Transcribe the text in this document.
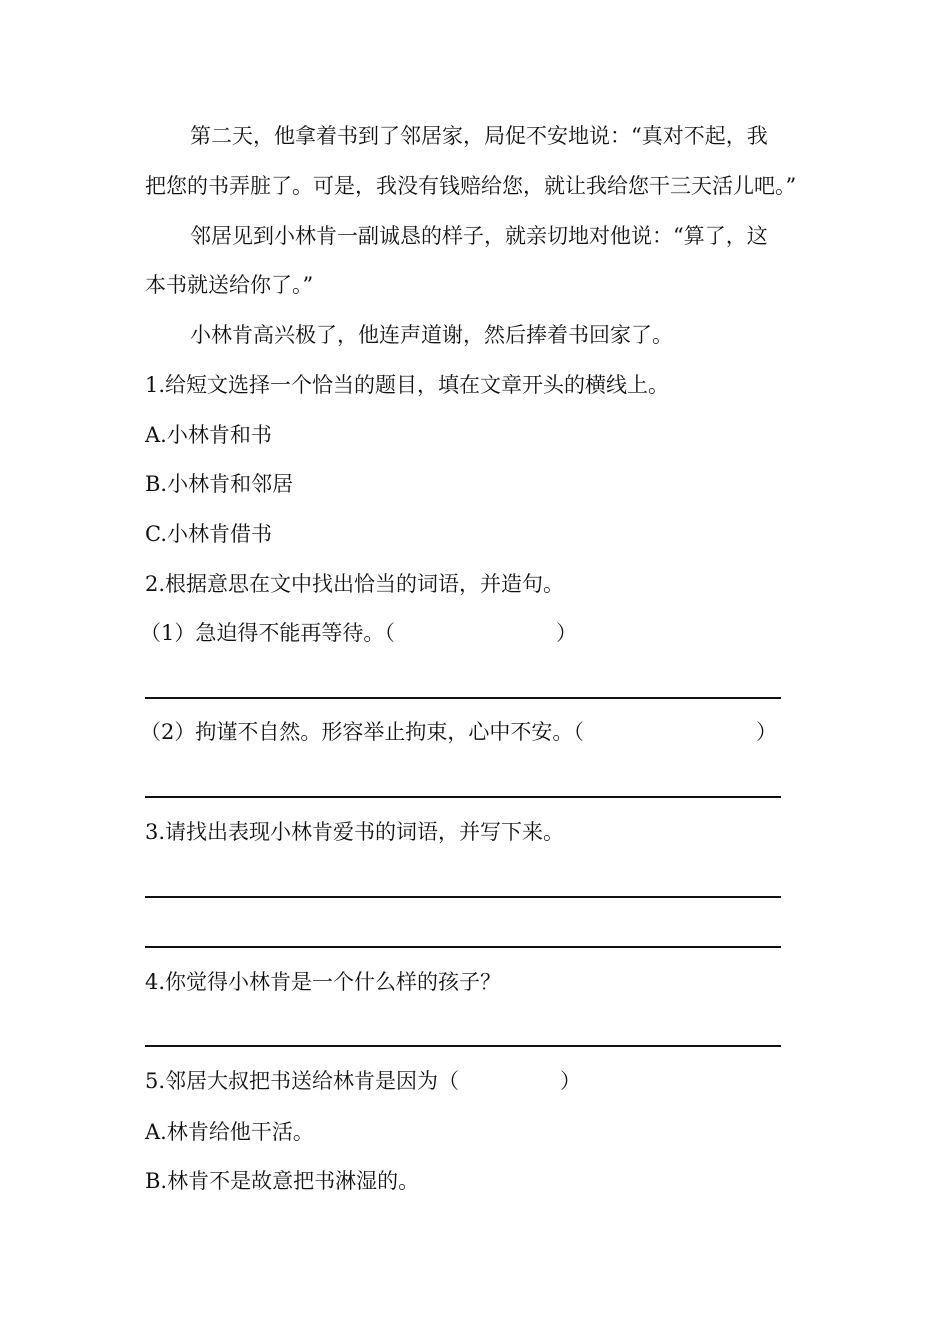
第二天，他拿着书到了邻居家，局促不安地说：“真对不起，我
把您的书弄脏了。可是，我没有钱赔给您，就让我给您干三天活儿吧。”
邻居见到小林肯一副诚恳的样子，就亲切地对他说：“算了，这
本书就送给你了。”
小林肯高兴极了，他连声道谢，然后捧着书回家了。
1.给短文选择一个恰当的题目，填在文章开头的横线上。
A.小林肯和书
B.小林肯和邻居
C.小林肯借书
2.根据意思在文中找出恰当的词语，并造句。
（1）急迫得不能再等待。（	）
（2）拘谨不自然。形容举止拘束，心中不安。（	）
3.请找出表现小林肯爱书的词语，并写下来。
4.你觉得小林肯是一个什么样的孩子？
5.邻居大叔把书送给林肯是因为（	）
A.林肯给他干活。
B.林肯不是故意把书淋湿的。
